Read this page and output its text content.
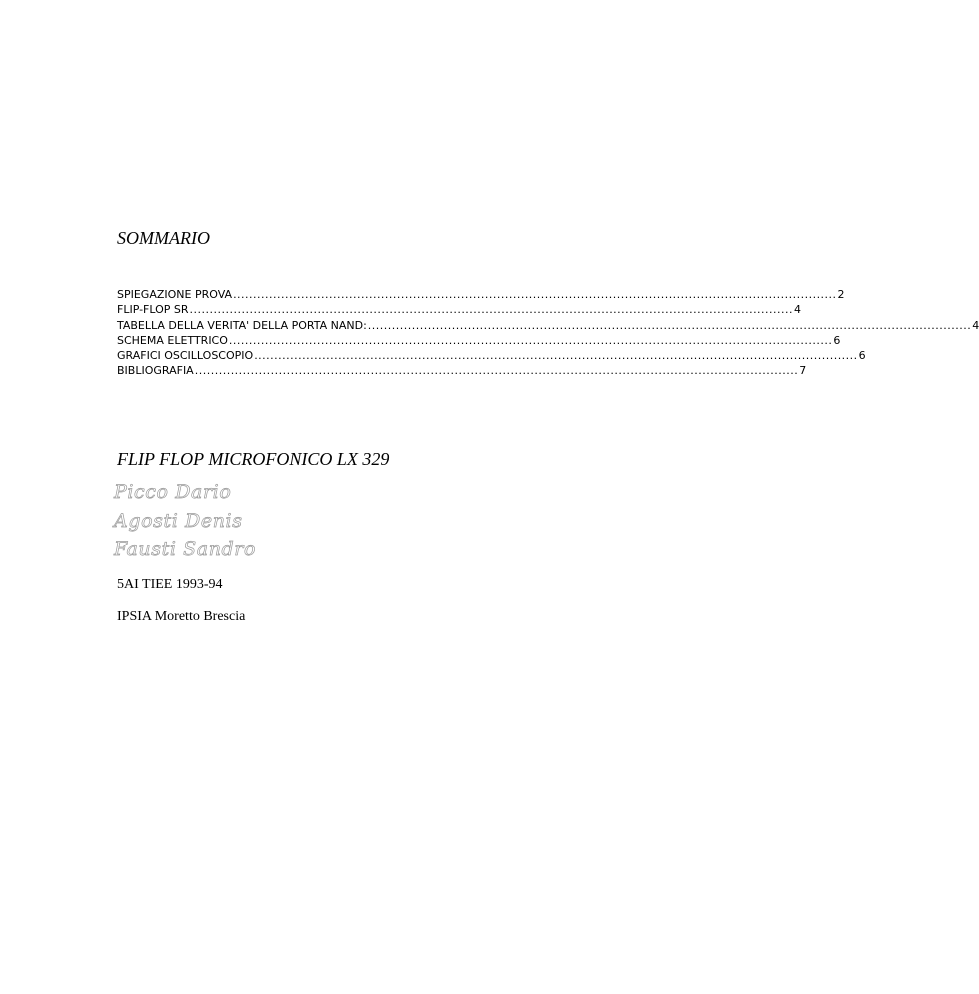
SOMMARIO
SPIEGAZIONE PROVA ....................................................................................................................................................... 2
FLIP-FLOP SR ....................................................................................................................................................... 4
TABELLA DELLA VERITA' DELLA PORTA NAND: ....................................................................................................................................................... 4
SCHEMA ELETTRICO ....................................................................................................................................................... 6
GRAFICI OSCILLOSCOPIO ....................................................................................................................................................... 6
BIBLIOGRAFIA ....................................................................................................................................................... 7
FLIP FLOP MICROFONICO LX 329
Picco Dario
Agosti Denis
Fausti Sandro
5AI TIEE 1993-94
IPSIA Moretto Brescia
